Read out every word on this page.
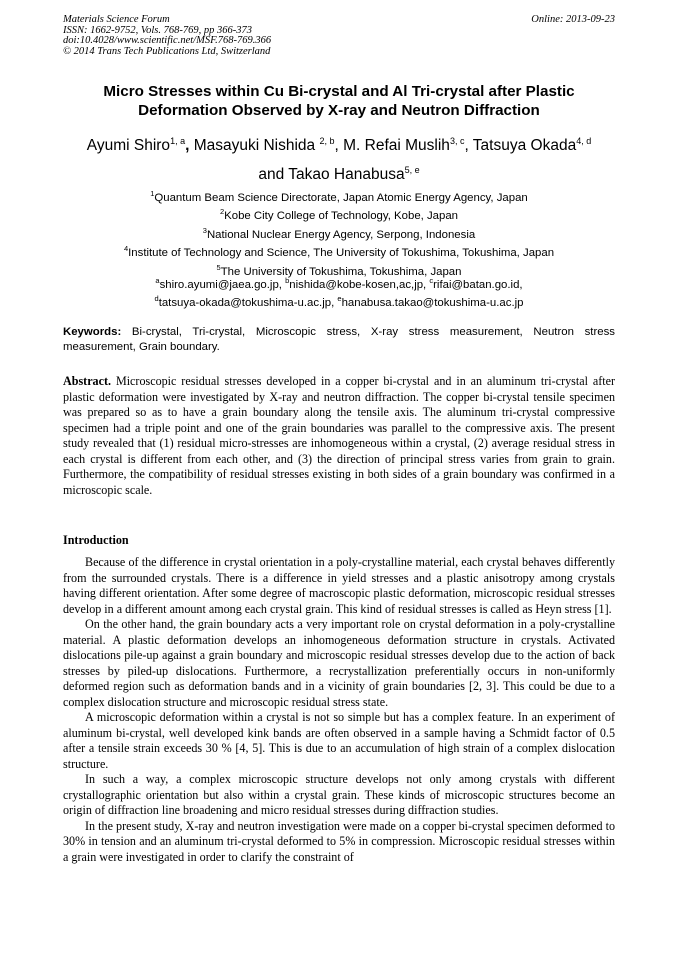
Materials Science Forum
ISSN: 1662-9752, Vols. 768-769, pp 366-373
doi:10.4028/www.scientific.net/MSF.768-769.366
© 2014 Trans Tech Publications Ltd, Switzerland
Online: 2013-09-23
Micro Stresses within Cu Bi-crystal and Al Tri-crystal after Plastic
Deformation Observed by X-ray and Neutron Diffraction
Ayumi Shiro$^{1, a}$, Masayuki Nishida $^{2, b}$, M. Refai Muslih$^{3, c}$, Tatsuya Okada$^{4, d}$
and Takao Hanabusa$^{5, e}$
$^1$Quantum Beam Science Directorate, Japan Atomic Energy Agency, Japan
$^2$Kobe City College of Technology, Kobe, Japan
$^3$National Nuclear Energy Agency, Serpong, Indonesia
$^4$Institute of Technology and Science, The University of Tokushima, Tokushima, Japan
$^5$The University of Tokushima, Tokushima, Japan
$^a$shiro.ayumi@jaea.go.jp, $^b$nishida@kobe-kosen,ac,jp, $^c$rifai@batan.go.id,
$^d$tatsuya-okada@tokushima-u.ac.jp, $^e$hanabusa.takao@tokushima-u.ac.jp
Keywords: Bi-crystal, Tri-crystal, Microscopic stress, X-ray stress measurement, Neutron stress measurement, Grain boundary.
Abstract. Microscopic residual stresses developed in a copper bi-crystal and in an aluminum tri-crystal after plastic deformation were investigated by X-ray and neutron diffraction. The copper bi-crystal tensile specimen was prepared so as to have a grain boundary along the tensile axis. The aluminum tri-crystal compressive specimen had a triple point and one of the grain boundaries was parallel to the compressive axis. The present study revealed that (1) residual micro-stresses are inhomogeneous within a crystal, (2) average residual stress in each crystal is different from each other, and (3) the direction of principal stress varies from grain to grain. Furthermore, the compatibility of residual stresses existing in both sides of a grain boundary was confirmed in a microscopic scale.
Introduction

Because of the difference in crystal orientation in a poly-crystalline material, each crystal behaves differently from the surrounded crystals. There is a difference in yield stresses and a plastic anisotropy among crystals having different orientation. After some degree of macroscopic plastic deformation, microscopic residual stresses develop in a different amount among each crystal grain. This kind of residual stresses is called as Heyn stress [1].

On the other hand, the grain boundary acts a very important role on crystal deformation in a poly-crystalline material. A plastic deformation develops an inhomogeneous deformation structure in crystals. Activated dislocations pile-up against a grain boundary and microscopic residual stresses develop due to the action of back stresses by piled-up dislocations. Furthermore, a recrystallization preferentially occurs in non-uniformly deformed region such as deformation bands and in a vicinity of grain boundaries [2, 3]. This could be due to a complex dislocation structure and microscopic residual stress state.

A microscopic deformation within a crystal is not so simple but has a complex feature. In an experiment of aluminum bi-crystal, well developed kink bands are often observed in a sample having a Schmidt factor of 0.5 after a tensile strain exceeds 30 % [4, 5]. This is due to an accumulation of high strain of a complex dislocation structure.

In such a way, a complex microscopic structure develops not only among crystals with different crystallographic orientation but also within a crystal grain. These kinds of microscopic structures become an origin of diffraction line broadening and micro residual stresses during diffraction studies.

In the present study, X-ray and neutron investigation were made on a copper bi-crystal specimen deformed to 30% in tension and an aluminum tri-crystal deformed to 5% in compression. Microscopic residual stresses within a grain were investigated in order to clarify the constraint of
